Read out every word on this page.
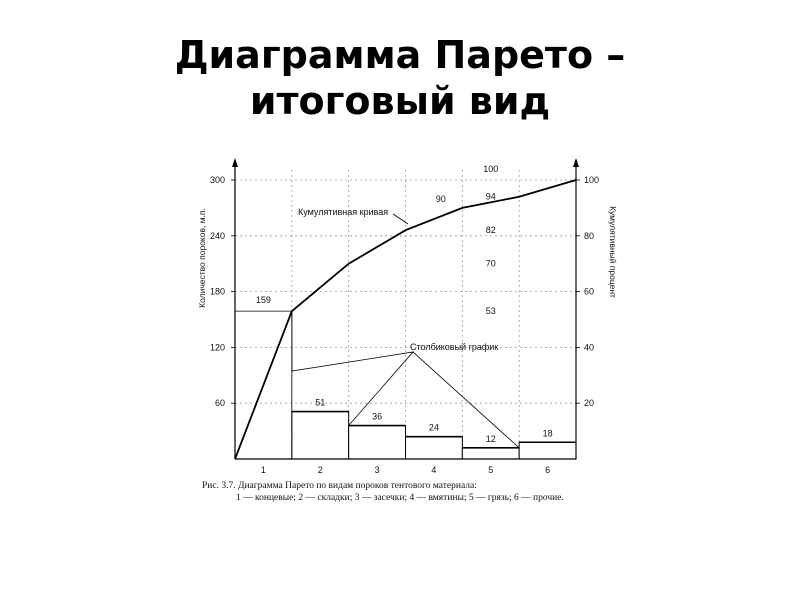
Диаграмма Парето –
итоговый вид
51
36
24
12
18
159
53
70
82
90	94
100
60
120
180
240
300
20
40
60
80
100
1	2	3	4	5	6
Количество пороков, м.п.	Кумулятивный процент
Кумулятивная кривая
Столбиковый график
Рис. 3.7. Диаграмма Парето по видам пороков тентового материала:
1 — концевые; 2 — складки; 3 — засечки; 4 — вмятины; 5 — грязь; 6 — прочие.
